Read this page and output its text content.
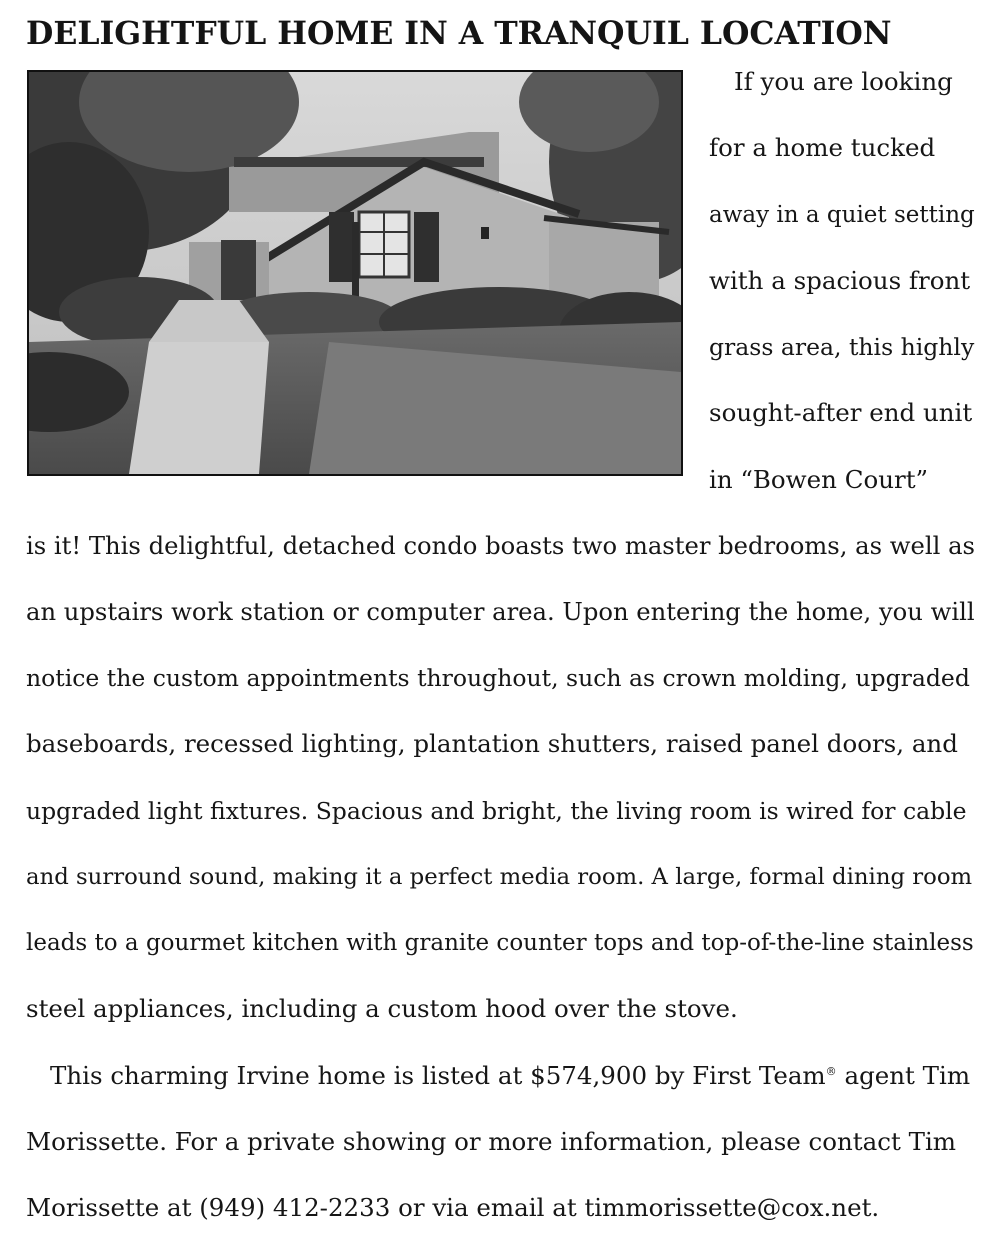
DELIGHTFUL HOME IN A TRANQUIL LOCATION
If you are looking
for a home tucked
away in a quiet setting
with a spacious front
grass area, this highly
sought-after end unit
in “Bowen Court”
is it! This delightful, detached condo boasts two master bedrooms, as well as
an upstairs work station or computer area. Upon entering the home, you will
notice the custom appointments throughout, such as crown molding, upgraded
baseboards, recessed lighting, plantation shutters, raised panel doors, and
upgraded light fixtures. Spacious and bright, the living room is wired for cable
and surround sound, making it a perfect media room. A large, formal dining room
leads to a gourmet kitchen with granite counter tops and top-of-the-line stainless
steel appliances, including a custom hood over the stove.
This charming Irvine home is listed at $574,900 by First Team® agent Tim
Morissette. For a private showing or more information, please contact Tim
Morissette at (949) 412-2233 or via email at timmorissette@cox.net.
